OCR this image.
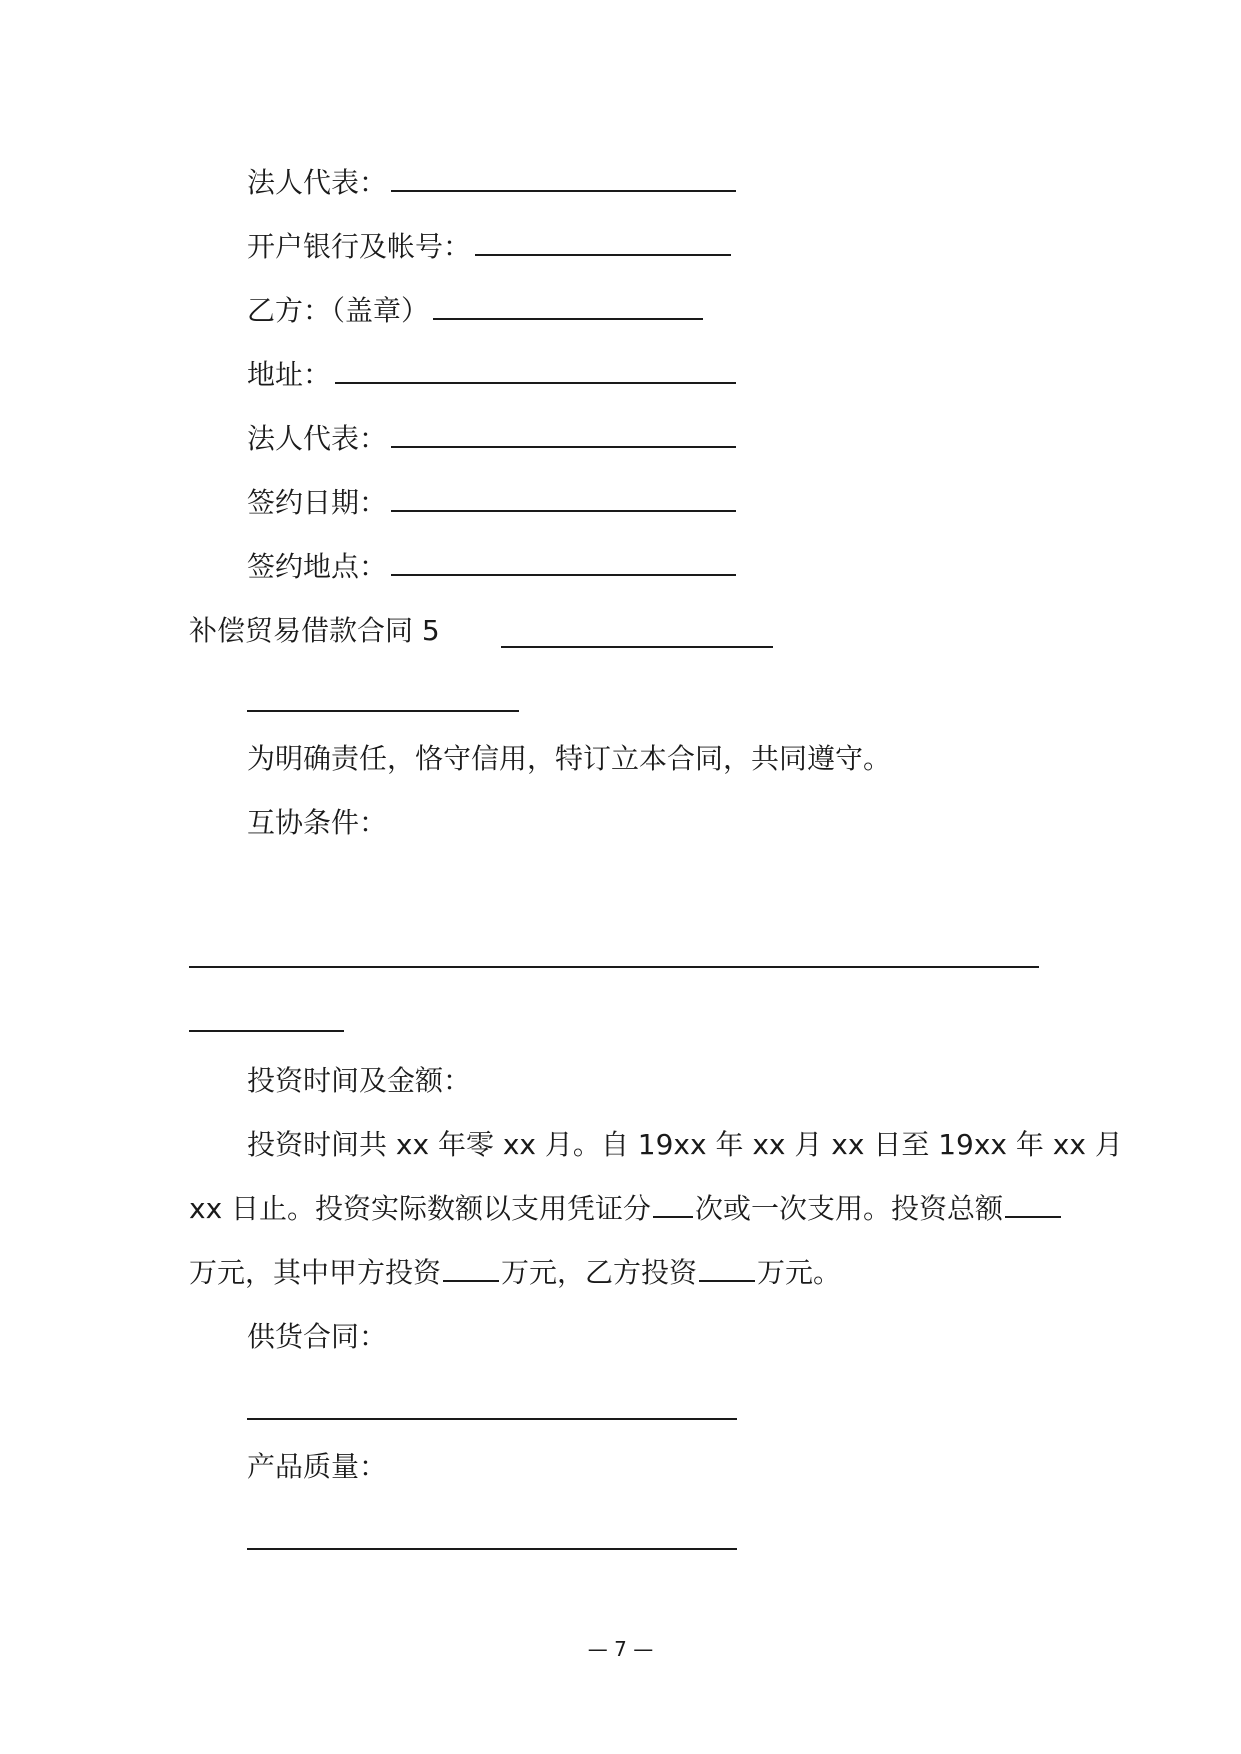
法人代表：
开户银行及帐号：
乙方：（盖章）
地址：
法人代表：
签约日期：
签约地点：
补偿贸易借款合同 5
为明确责任，恪守信用，特订立本合同，共同遵守。
互协条件：
投资时间及金额：
投资时间共 xx 年零 xx 月。自 19xx 年 xx 月 xx 日至 19xx 年 xx 月
xx 日止。投资实际数额以支用凭证分 次或一次支用。投资总额
万元，其中甲方投资 万元，乙方投资 万元。
供货合同：
产品质量：
— 7 —
